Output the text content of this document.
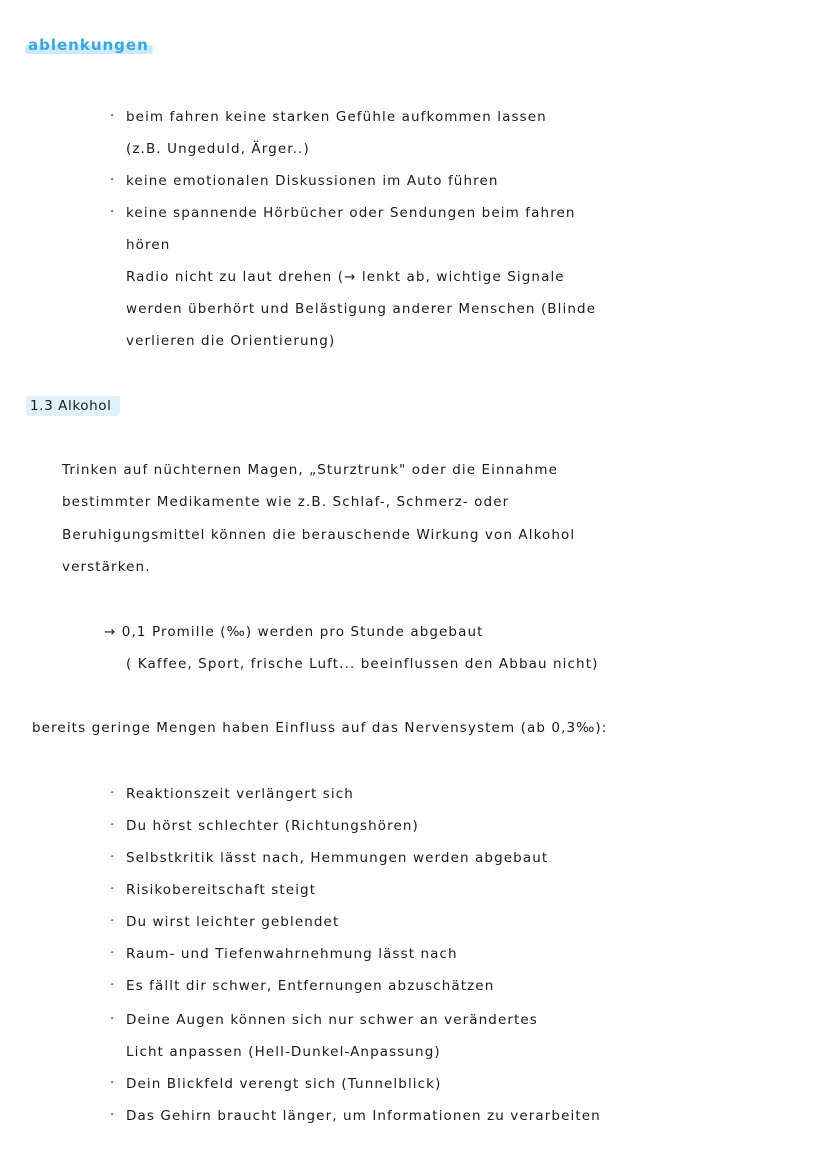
ablenkungen
· beim fahren keine starken Gefühle aufkommen lassen
(z.B. Ungeduld, Ärger..)
· keine emotionalen Diskussionen im Auto führen
· keine spannende Hörbücher oder Sendungen beim fahren
hören
Radio nicht zu laut drehen (→ lenkt ab, wichtige Signale
werden überhört und Belästigung anderer Menschen (Blinde
verlieren die Orientierung)
1.3 Alkohol
Trinken auf nüchternen Magen, „Sturztrunk" oder die Einnahme
bestimmter Medikamente wie z.B. Schlaf-, Schmerz- oder
Beruhigungsmittel können die berauschende Wirkung von Alkohol
verstärken.
→ 0,1 Promille (‰) werden pro Stunde abgebaut
( Kaffee, Sport, frische Luft... beeinflussen den Abbau nicht)
bereits geringe Mengen haben Einfluss auf das Nervensystem (ab 0,3‰):
· Reaktionszeit verlängert sich
· Du hörst schlechter (Richtungshören)
· Selbstkritik lässt nach, Hemmungen werden abgebaut
· Risikobereitschaft steigt
· Du wirst leichter geblendet
· Raum- und Tiefenwahrnehmung lässt nach
· Es fällt dir schwer, Entfernungen abzuschätzen
· Deine Augen können sich nur schwer an verändertes
Licht anpassen (Hell-Dunkel-Anpassung)
· Dein Blickfeld verengt sich (Tunnelblick)
· Das Gehirn braucht länger, um Informationen zu verarbeiten
